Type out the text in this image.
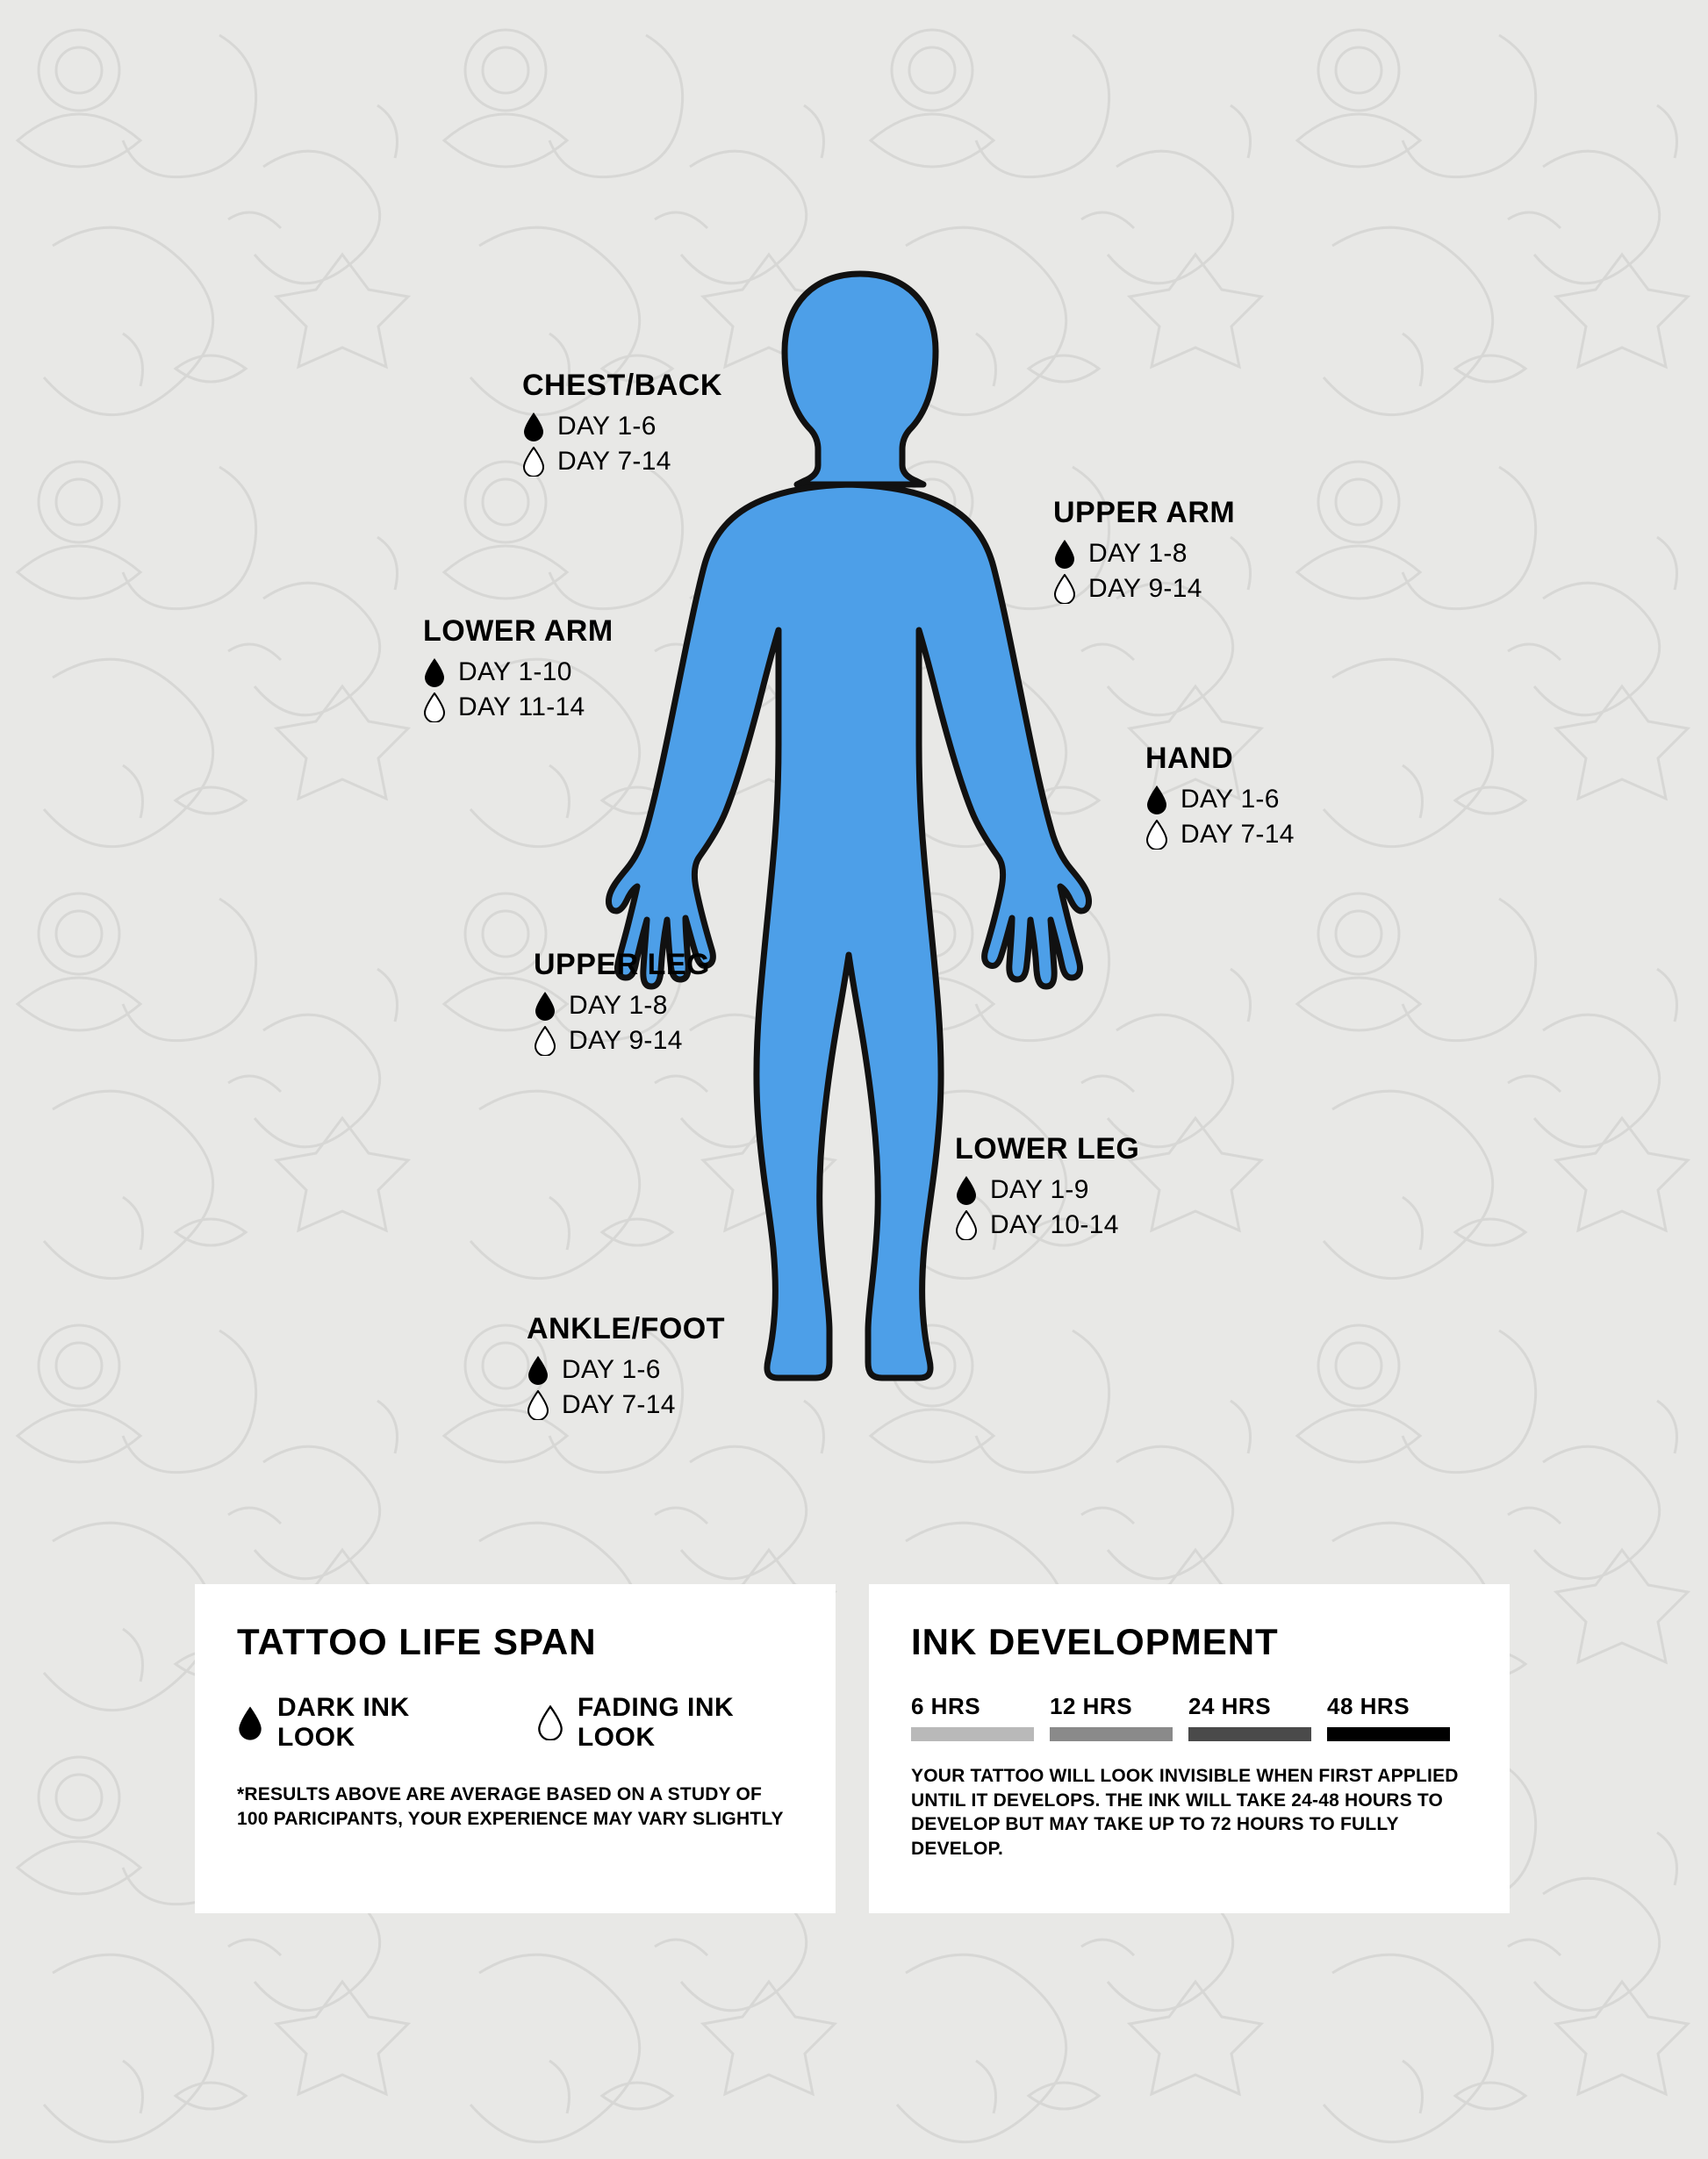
CHEST/BACK
DAY 1-6
DAY 7-14
UPPER ARM
DAY 1-8
DAY 9-14
LOWER ARM
DAY 1-10
DAY 11-14
HAND
DAY 1-6
DAY 7-14
UPPER LEG
DAY 1-8
DAY 9-14
LOWER LEG
DAY 1-9
DAY 10-14
ANKLE/FOOT
DAY 1-6
DAY 7-14
TATTOO LIFE SPAN
DARK INK LOOK
FADING INK LOOK
*RESULTS ABOVE ARE AVERAGE BASED ON A STUDY OF 100 PARICIPANTS, YOUR EXPERIENCE MAY VARY SLIGHTLY
INK DEVELOPMENT
6 HRS	12 HRS	24 HRS	48 HRS
YOUR TATTOO WILL LOOK INVISIBLE WHEN FIRST APPLIED UNTIL IT DEVELOPS. THE INK WILL TAKE 24-48 HOURS TO DEVELOP BUT MAY TAKE UP TO 72 HOURS TO FULLY DEVELOP.
